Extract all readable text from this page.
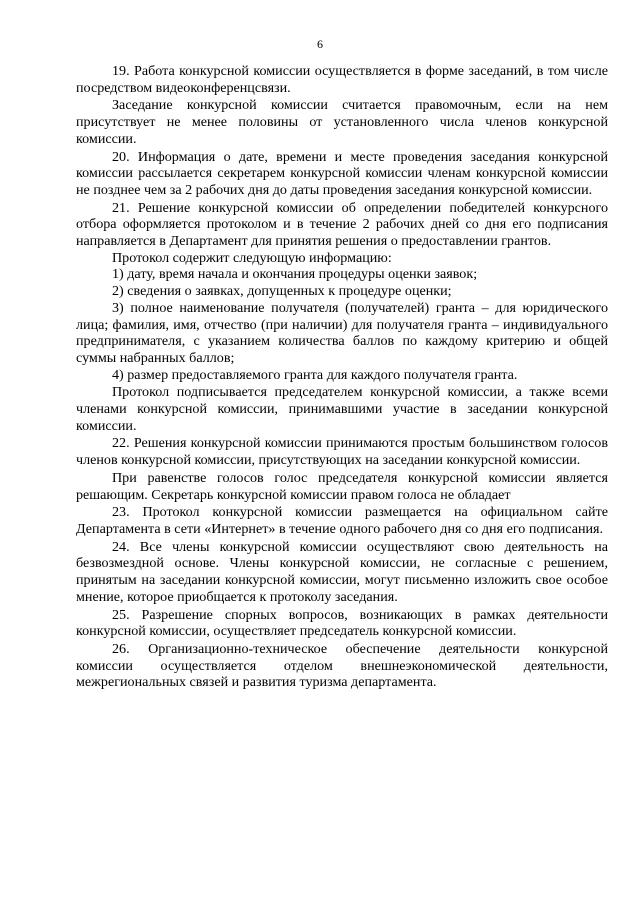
6

19. Работа конкурсной комиссии осуществляется в форме заседаний, в том числе посредством видеоконференцсвязи.

Заседание конкурсной комиссии считается правомочным, если на нем присутствует не менее половины от установленного числа членов конкурсной комиссии.

20. Информация о дате, времени и месте проведения заседания конкурсной комиссии рассылается секретарем конкурсной комиссии членам конкурсной комиссии не позднее чем за 2 рабочих дня до даты проведения заседания конкурсной комиссии.

21. Решение конкурсной комиссии об определении победителей конкурсного отбора оформляется протоколом и в течение 2 рабочих дней со дня его подписания направляется в Департамент для принятия решения о предоставлении грантов.

Протокол содержит следующую информацию:

1) дату, время начала и окончания процедуры оценки заявок;

2) сведения о заявках, допущенных к процедуре оценки;

3) полное наименование получателя (получателей) гранта – для юридического лица; фамилия, имя, отчество (при наличии) для получателя гранта – индивидуального предпринимателя, с указанием количества баллов по каждому критерию и общей суммы набранных баллов;

4) размер предоставляемого гранта для каждого получателя гранта.

Протокол подписывается председателем конкурсной комиссии, а также всеми членами конкурсной комиссии, принимавшими участие в заседании конкурсной комиссии.

22. Решения конкурсной комиссии принимаются простым большинством голосов членов конкурсной комиссии, присутствующих на заседании конкурсной комиссии.

При равенстве голосов голос председателя конкурсной комиссии является решающим. Секретарь конкурсной комиссии правом голоса не обладает

23. Протокол конкурсной комиссии размещается на официальном сайте Департамента в сети «Интернет» в течение одного рабочего дня со дня его подписания.

24. Все члены конкурсной комиссии осуществляют свою деятельность на безвозмездной основе. Члены конкурсной комиссии, не согласные с решением, принятым на заседании конкурсной комиссии, могут письменно изложить свое особое мнение, которое приобщается к протоколу заседания.

25. Разрешение спорных вопросов, возникающих в рамках деятельности конкурсной комиссии, осуществляет председатель конкурсной комиссии.

26. Организационно-техническое обеспечение деятельности конкурсной комиссии осуществляется отделом внешнеэкономической деятельности, межрегиональных связей и развития туризма департамента.
